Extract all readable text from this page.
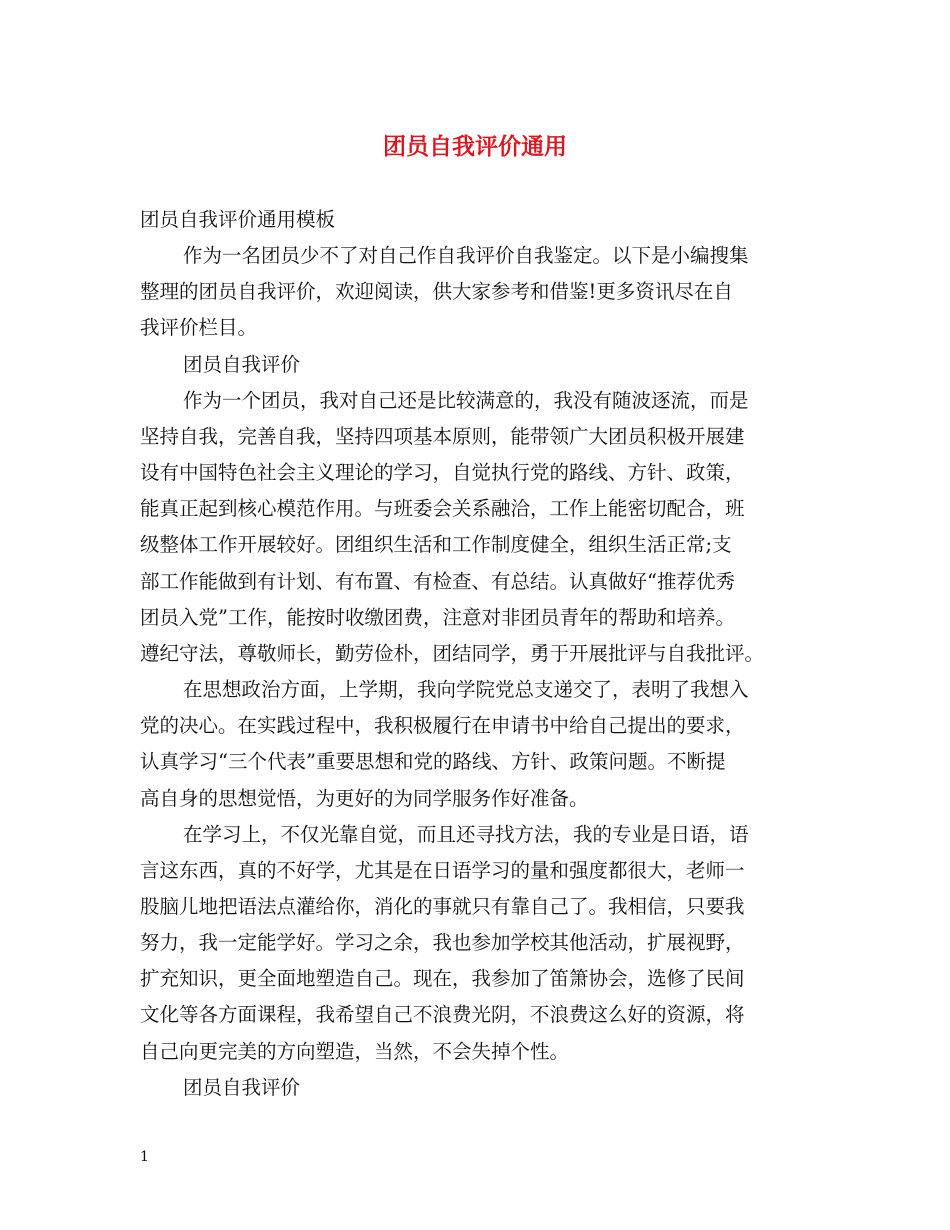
团员自我评价通用
团员自我评价通用模板
作为一名团员少不了对自己作自我评价自我鉴定。以下是小编搜集
整理的团员自我评价，欢迎阅读，供大家参考和借鉴!更多资讯尽在自
我评价栏目。
团员自我评价
作为一个团员，我对自己还是比较满意的，我没有随波逐流，而是
坚持自我，完善自我，坚持四项基本原则，能带领广大团员积极开展建
设有中国特色社会主义理论的学习，自觉执行党的路线、方针、政策，
能真正起到核心模范作用。与班委会关系融洽，工作上能密切配合，班
级整体工作开展较好。团组织生活和工作制度健全，组织生活正常;支
部工作能做到有计划、有布置、有检查、有总结。认真做好“推荐优秀
团员入党”工作，能按时收缴团费，注意对非团员青年的帮助和培养。
遵纪守法，尊敬师长，勤劳俭朴，团结同学，勇于开展批评与自我批评。
在思想政治方面，上学期，我向学院党总支递交了，表明了我想入
党的决心。在实践过程中，我积极履行在申请书中给自己提出的要求，
认真学习“三个代表”重要思想和党的路线、方针、政策问题。不断提
高自身的思想觉悟，为更好的为同学服务作好准备。
在学习上，不仅光靠自觉，而且还寻找方法，我的专业是日语，语
言这东西，真的不好学，尤其是在日语学习的量和强度都很大，老师一
股脑儿地把语法点灌给你，消化的事就只有靠自己了。我相信，只要我
努力，我一定能学好。学习之余，我也参加学校其他活动，扩展视野，
扩充知识，更全面地塑造自己。现在，我参加了笛箫协会，选修了民间
文化等各方面课程，我希望自己不浪费光阴，不浪费这么好的资源，将
自己向更完美的方向塑造，当然，不会失掉个性。
团员自我评价
1
